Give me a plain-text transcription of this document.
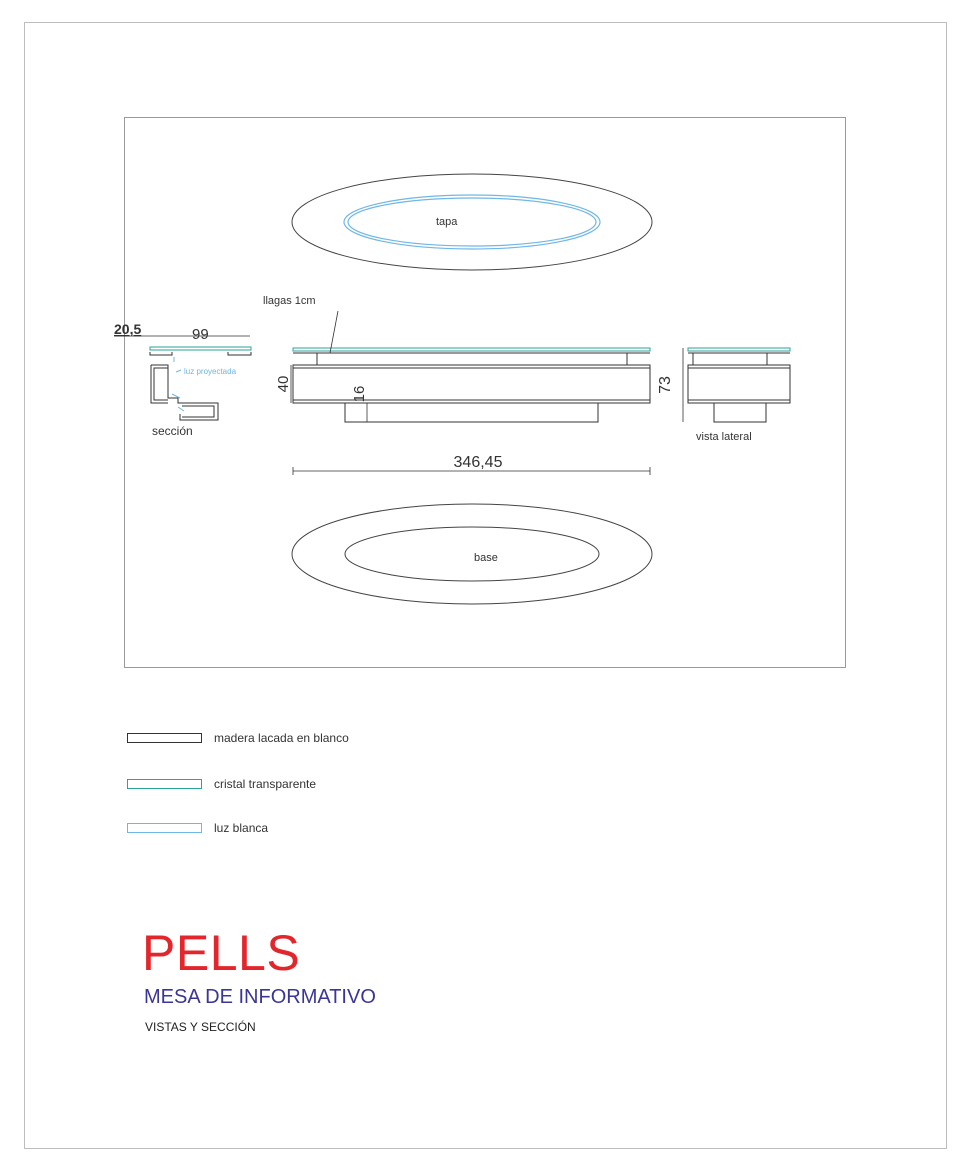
tapa
base
llagas 1cm
40
16
346,45
73
vista lateral
20,5	99
luz proyectada
sección
madera lacada en blanco
cristal transparente
luz blanca
PELLS
MESA DE INFORMATIVO
VISTAS Y SECCIÓN
